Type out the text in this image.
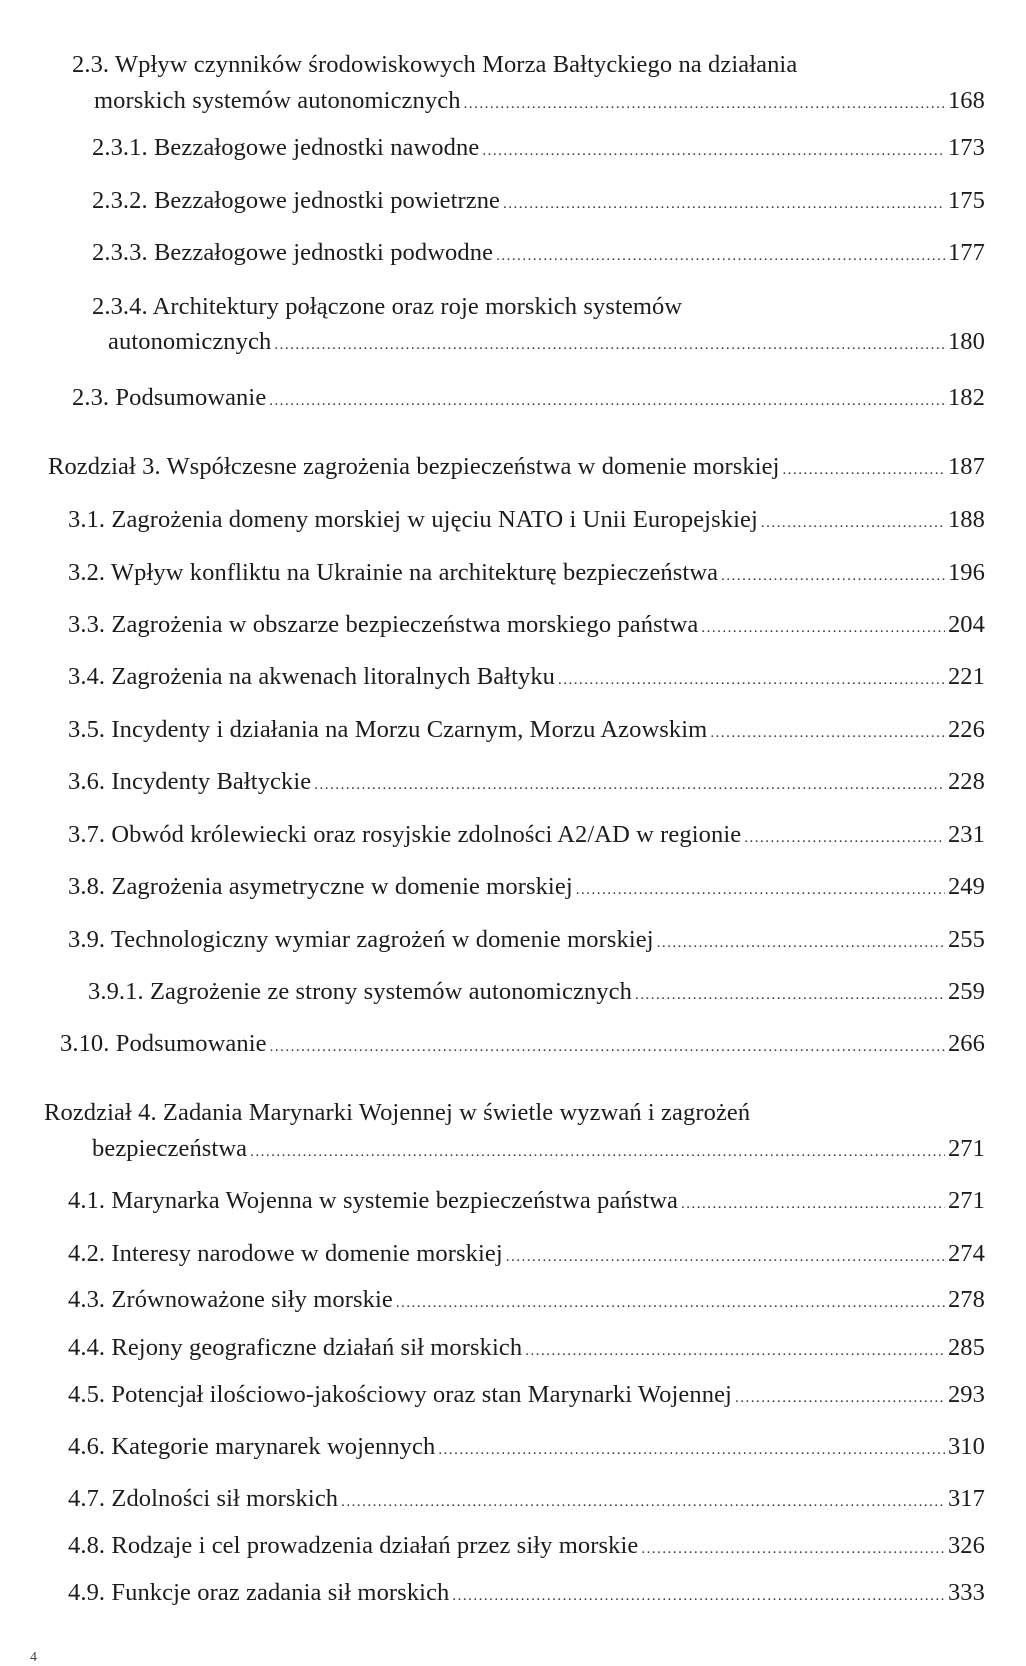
2.3. Wpływ czynników środowiskowych Morza Bałtyckiego na działania
morskich systemów autonomicznych .....	168
2.3.1. Bezzałogowe jednostki nawodne .....	173
2.3.2. Bezzałogowe jednostki powietrzne .....	175
2.3.3. Bezzałogowe jednostki podwodne .....	177
2.3.4. Architektury połączone oraz roje morskich systemów
autonomicznych .....	180
2.3. Podsumowanie .....	182
Rozdział 3. Współczesne zagrożenia bezpieczeństwa w domenie morskiej .....	187
3.1. Zagrożenia domeny morskiej w ujęciu NATO i Unii Europejskiej .....	188
3.2. Wpływ konfliktu na Ukrainie na architekturę bezpieczeństwa .....	196
3.3. Zagrożenia w obszarze bezpieczeństwa morskiego państwa .....	204
3.4. Zagrożenia na akwenach litoralnych Bałtyku .....	221
3.5. Incydenty i działania na Morzu Czarnym, Morzu Azowskim .....	226
3.6. Incydenty Bałtyckie .....	228
3.7. Obwód królewiecki oraz rosyjskie zdolności A2/AD w regionie .....	231
3.8. Zagrożenia asymetryczne w domenie morskiej .....	249
3.9. Technologiczny wymiar zagrożeń w domenie morskiej .....	255
3.9.1. Zagrożenie ze strony systemów autonomicznych .....	259
3.10. Podsumowanie .....	266
Rozdział 4. Zadania Marynarki Wojennej w świetle wyzwań i zagrożeń
bezpieczeństwa .....	271
4.1. Marynarka Wojenna w systemie bezpieczeństwa państwa .....	271
4.2. Interesy narodowe w domenie morskiej .....	274
4.3. Zrównoważone siły morskie .....	278
4.4. Rejony geograficzne działań sił morskich .....	285
4.5. Potencjał ilościowo-jakościowy oraz stan Marynarki Wojennej .....	293
4.6. Kategorie marynarek wojennych .....	310
4.7. Zdolności sił morskich .....	317
4.8. Rodzaje i cel prowadzenia działań przez siły morskie .....	326
4.9. Funkcje oraz zadania sił morskich .....	333
4
